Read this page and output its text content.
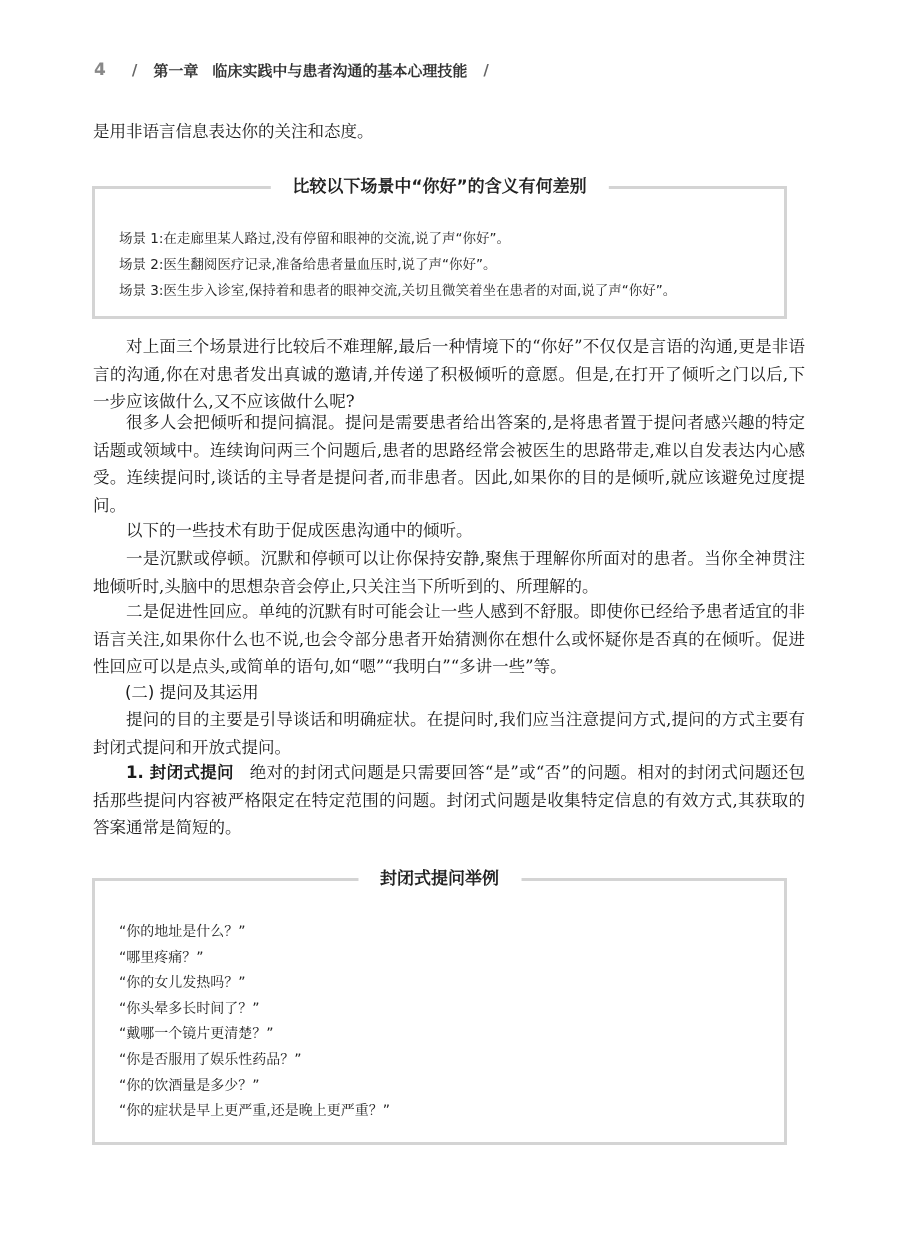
4 / 第一章 临床实践中与患者沟通的基本心理技能 /

是用非语言信息表达你的关注和态度。

比较以下场景中“你好”的含义有何差别
场景 1:在走廊里某人路过,没有停留和眼神的交流,说了声“你好”。
场景 2:医生翻阅医疗记录,准备给患者量血压时,说了声“你好”。
场景 3:医生步入诊室,保持着和患者的眼神交流,关切且微笑着坐在患者的对面,说了声“你好”。

对上面三个场景进行比较后不难理解,最后一种情境下的“你好”不仅仅是言语的沟通,更是非语言的沟通,你在对患者发出真诚的邀请,并传递了积极倾听的意愿。但是,在打开了倾听之门以后,下一步应该做什么,又不应该做什么呢?

很多人会把倾听和提问搞混。提问是需要患者给出答案的,是将患者置于提问者感兴趣的特定话题或领域中。连续询问两三个问题后,患者的思路经常会被医生的思路带走,难以自发表达内心感受。连续提问时,谈话的主导者是提问者,而非患者。因此,如果你的目的是倾听,就应该避免过度提问。

以下的一些技术有助于促成医患沟通中的倾听。

一是沉默或停顿。沉默和停顿可以让你保持安静,聚焦于理解你所面对的患者。当你全神贯注地倾听时,头脑中的思想杂音会停止,只关注当下所听到的、所理解的。

二是促进性回应。单纯的沉默有时可能会让一些人感到不舒服。即使你已经给予患者适宜的非语言关注,如果你什么也不说,也会令部分患者开始猜测你在想什么或怀疑你是否真的在倾听。促进性回应可以是点头,或简单的语句,如“嗯”“我明白”“多讲一些”等。

(二) 提问及其运用

提问的目的主要是引导谈话和明确症状。在提问时,我们应当注意提问方式,提问的方式主要有封闭式提问和开放式提问。

1. 封闭式提问 绝对的封闭式问题是只需要回答“是”或“否”的问题。相对的封闭式问题还包括那些提问内容被严格限定在特定范围的问题。封闭式问题是收集特定信息的有效方式,其获取的答案通常是简短的。

封闭式提问举例
“你的地址是什么？”
“哪里疼痛？”
“你的女儿发热吗？”
“你头晕多长时间了？”
“戴哪一个镜片更清楚？”
“你是否服用了娱乐性药品？”
“你的饮酒量是多少？”
“你的症状是早上更严重,还是晚上更严重？”
